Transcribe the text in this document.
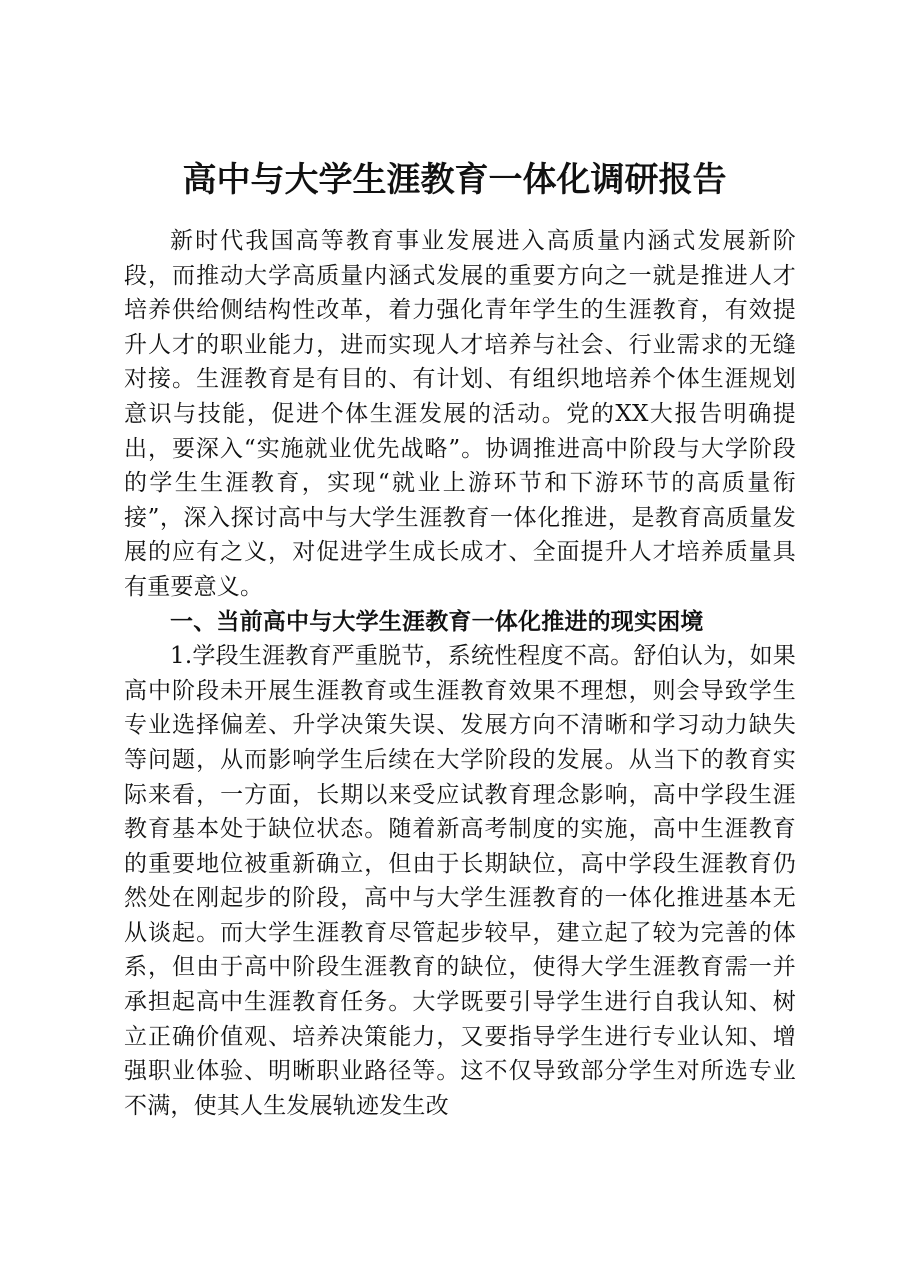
高中与大学生涯教育一体化调研报告

新时代我国高等教育事业发展进入高质量内涵式发展新阶段，而推动大学高质量内涵式发展的重要方向之一就是推进人才培养供给侧结构性改革，着力强化青年学生的生涯教育，有效提升人才的职业能力，进而实现人才培养与社会、行业需求的无缝对接。生涯教育是有目的、有计划、有组织地培养个体生涯规划意识与技能，促进个体生涯发展的活动。党的XX大报告明确提出，要深入“实施就业优先战略”。协调推进高中阶段与大学阶段的学生生涯教育，实现“就业上游环节和下游环节的高质量衔接”，深入探讨高中与大学生涯教育一体化推进，是教育高质量发展的应有之义，对促进学生成长成才、全面提升人才培养质量具有重要意义。

一、当前高中与大学生涯教育一体化推进的现实困境

1.学段生涯教育严重脱节，系统性程度不高。舒伯认为，如果高中阶段未开展生涯教育或生涯教育效果不理想，则会导致学生专业选择偏差、升学决策失误、发展方向不清晰和学习动力缺失等问题，从而影响学生后续在大学阶段的发展。从当下的教育实际来看，一方面，长期以来受应试教育理念影响，高中学段生涯教育基本处于缺位状态。随着新高考制度的实施，高中生涯教育的重要地位被重新确立，但由于长期缺位，高中学段生涯教育仍然处在刚起步的阶段，高中与大学生涯教育的一体化推进基本无从谈起。而大学生涯教育尽管起步较早，建立起了较为完善的体系，但由于高中阶段生涯教育的缺位，使得大学生涯教育需一并承担起高中生涯教育任务。大学既要引导学生进行自我认知、树立正确价值观、培养决策能力，又要指导学生进行专业认知、增强职业体验、明晰职业路径等。这不仅导致部分学生对所选专业不满，使其人生发展轨迹发生改
